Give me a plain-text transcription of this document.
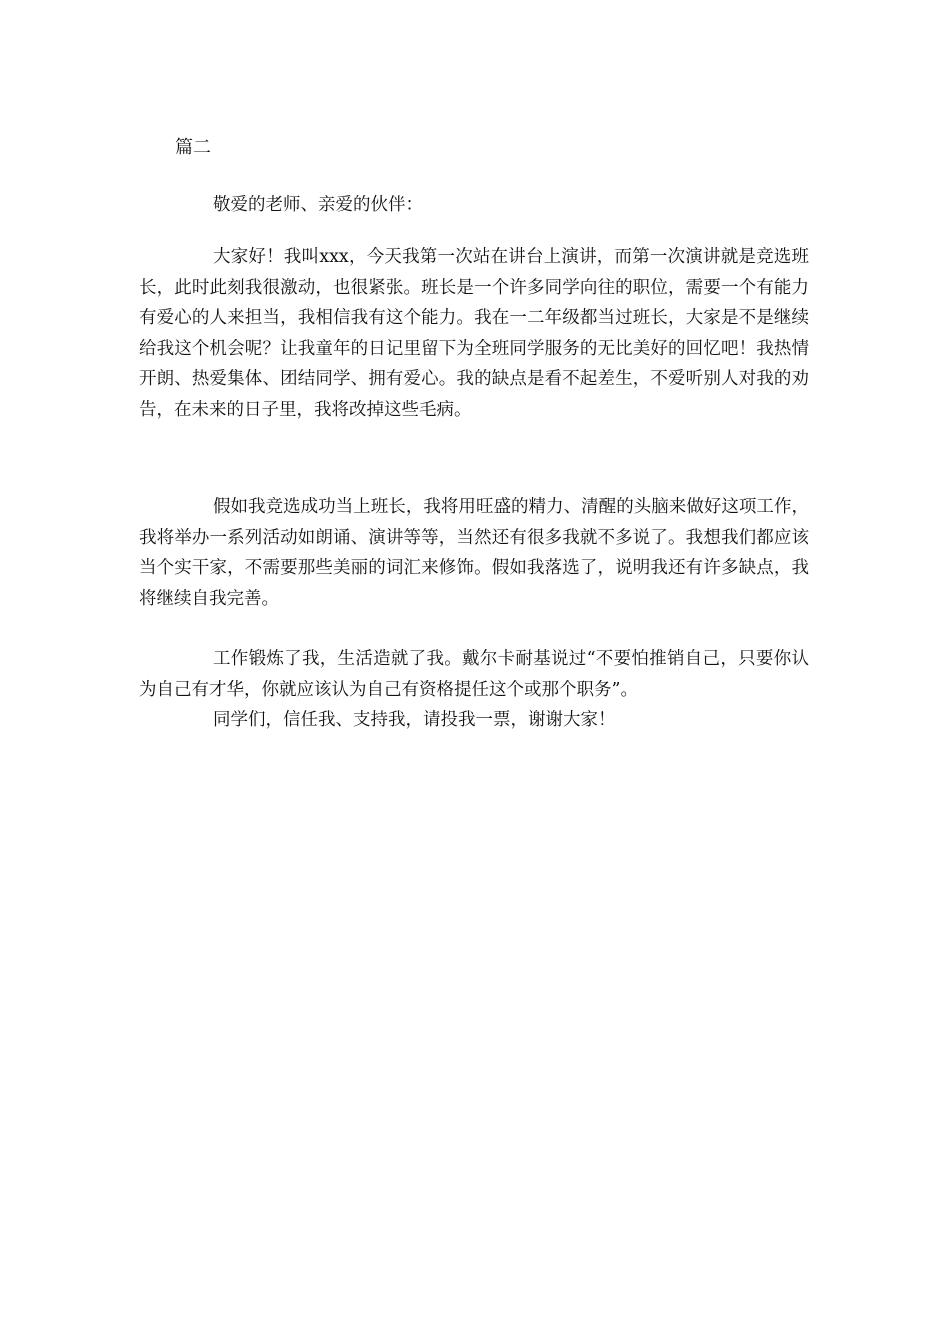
篇二

敬爱的老师、亲爱的伙伴：

大家好！我叫xxx，今天我第一次站在讲台上演讲，而第一次演讲就是竞选班长，此时此刻我很激动，也很紧张。班长是一个许多同学向往的职位，需要一个有能力有爱心的人来担当，我相信我有这个能力。我在一二年级都当过班长，大家是不是继续给我这个机会呢？让我童年的日记里留下为全班同学服务的无比美好的回忆吧！我热情开朗、热爱集体、团结同学、拥有爱心。我的缺点是看不起差生，不爱听别人对我的劝告，在未来的日子里，我将改掉这些毛病。

假如我竞选成功当上班长，我将用旺盛的精力、清醒的头脑来做好这项工作，我将举办一系列活动如朗诵、演讲等等，当然还有很多我就不多说了。我想我们都应该当个实干家，不需要那些美丽的词汇来修饰。假如我落选了，说明我还有许多缺点，我将继续自我完善。

工作锻炼了我，生活造就了我。戴尔卡耐基说过“不要怕推销自己，只要你认为自己有才华，你就应该认为自己有资格提任这个或那个职务”。

同学们，信任我、支持我，请投我一票，谢谢大家！
